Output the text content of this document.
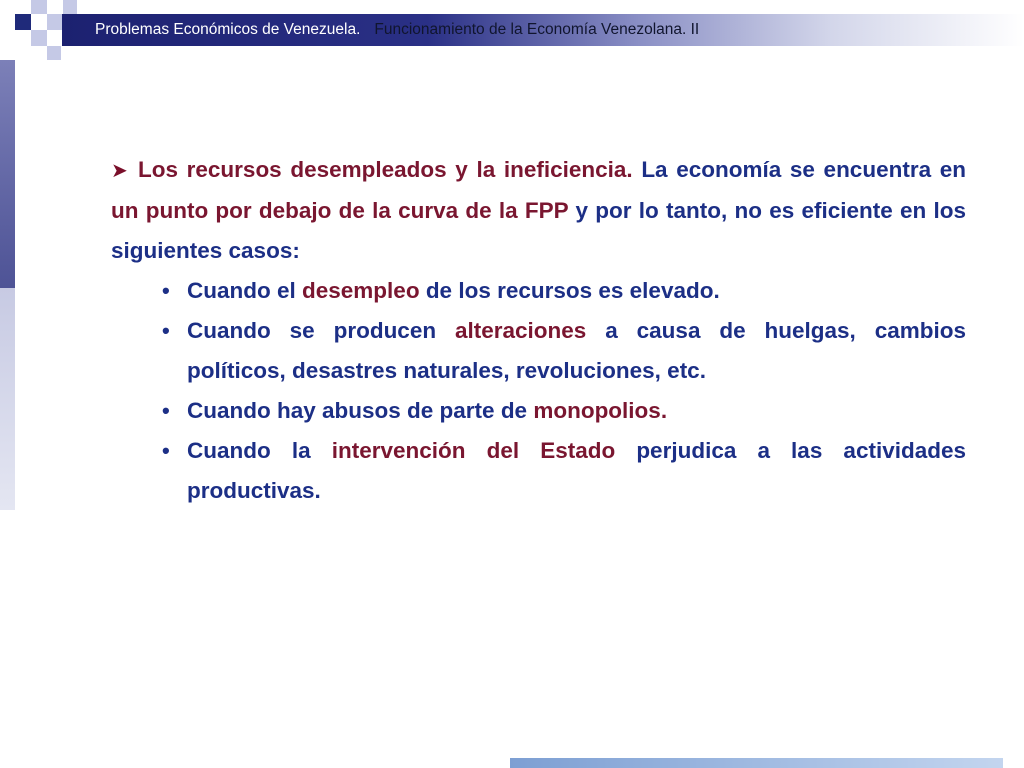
Problemas Económicos de Venezuela. Funcionamiento de la Economía Venezolana. II

➤ Los recursos desempleados y la ineficiencia. La economía se encuentra en un punto por debajo de la curva de la FPP y por lo tanto, no es eficiente en los siguientes casos:

• Cuando el desempleo de los recursos es elevado.
• Cuando se producen alteraciones a causa de huelgas, cambios políticos, desastres naturales, revoluciones, etc.
• Cuando hay abusos de parte de monopolios.
• Cuando la intervención del Estado perjudica a las actividades productivas.
